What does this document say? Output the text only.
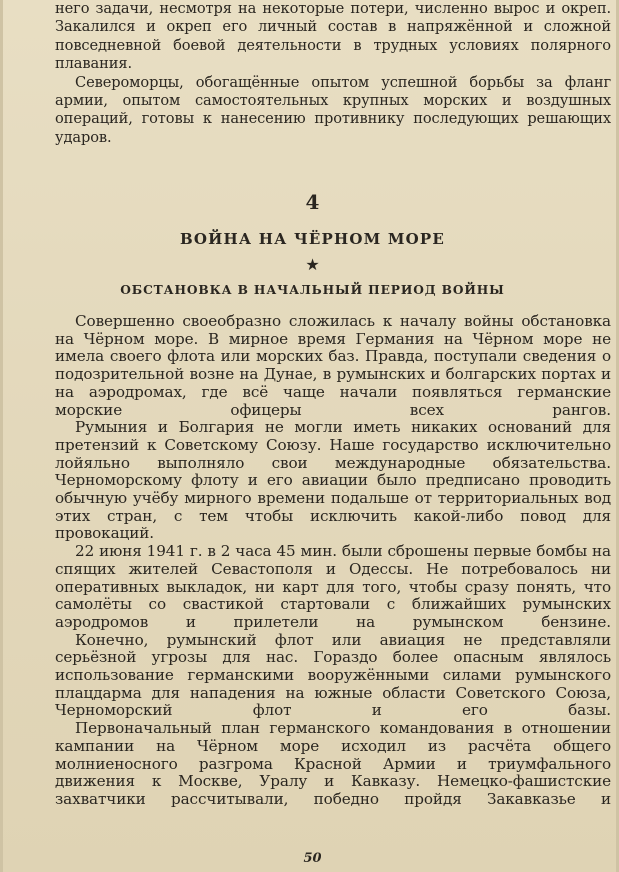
него задачи, несмотря на некоторые потери, численно вырос и окреп. Закалился и окреп его личный состав в напряжённой и сложной повседневной боевой деятельности в трудных условиях полярного плавания.

Североморцы, обогащённые опытом успешной борьбы за фланг армии, опытом самостоятельных крупных морских и воздушных операций, готовы к нанесению противнику последующих решающих ударов.

4
ВОЙНА НА ЧЁРНОМ МОРЕ
★
ОБСТАНОВКА В НАЧАЛЬНЫЙ ПЕРИОД ВОЙНЫ

Совершенно своеобразно сложилась к началу войны обстановка на Чёрном море. В мирное время Германия на Чёрном море не имела своего флота или морских баз. Правда, поступали сведения о подозрительной возне на Дунае, в румынских и болгарских портах и на аэродромах, где всё чаще начали появляться германские морские офицеры всех рангов.

Румыния и Болгария не могли иметь никаких оснований для претензий к Советскому Союзу. Наше государство исключительно лойяльно выполняло свои международные обязательства. Черноморскому флоту и его авиации было предписано проводить обычную учёбу мирного времени подальше от территориальных вод этих стран, с тем чтобы исключить какой-либо повод для провокаций.

22 июня 1941 г. в 2 часа 45 мин. были сброшены первые бомбы на спящих жителей Севастополя и Одессы. Не потребовалось ни оперативных выкладок, ни карт для того, чтобы сразу понять, что самолёты со свастикой стартовали с ближайших румынских аэродромов и прилетели на румынском бензине.

Конечно, румынский флот или авиация не представляли серьёзной угрозы для нас. Гораздо более опасным являлось использование германскими вооружёнными силами румынского плацдарма для нападения на южные области Советского Союза, Черноморский флот и его базы.

Первоначальный план германского командования в отношении кампании на Чёрном море исходил из расчёта общего молниеносного разгрома Красной Армии и триумфального движения к Москве, Уралу и Кавказу. Немецко-фашистские захватчики рассчитывали, победно пройдя Закавказье и

50
